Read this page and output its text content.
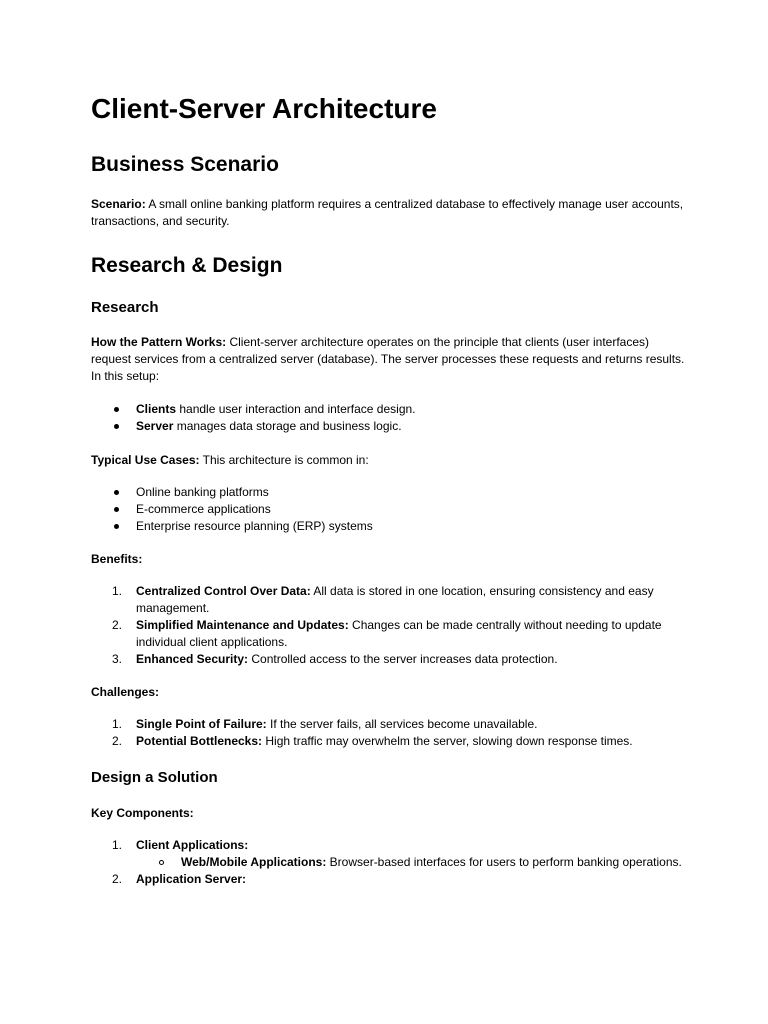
Client-Server Architecture
Business Scenario

Scenario: A small online banking platform requires a centralized database to effectively manage user accounts, transactions, and security.

Research & Design
Research

How the Pattern Works: Client-server architecture operates on the principle that clients (user interfaces) request services from a centralized server (database). The server processes these requests and returns results. In this setup:

Clients handle user interaction and interface design.
Server manages data storage and business logic.

Typical Use Cases: This architecture is common in:

Online banking platforms
E-commerce applications
Enterprise resource planning (ERP) systems

Benefits:

1. Centralized Control Over Data: All data is stored in one location, ensuring consistency and easy management.
2. Simplified Maintenance and Updates: Changes can be made centrally without needing to update individual client applications.
3. Enhanced Security: Controlled access to the server increases data protection.

Challenges:

1. Single Point of Failure: If the server fails, all services become unavailable.
2. Potential Bottlenecks: High traffic may overwhelm the server, slowing down response times.
Design a Solution

Key Components:

1. Client Applications:
Web/Mobile Applications: Browser-based interfaces for users to perform banking operations.
2. Application Server:
